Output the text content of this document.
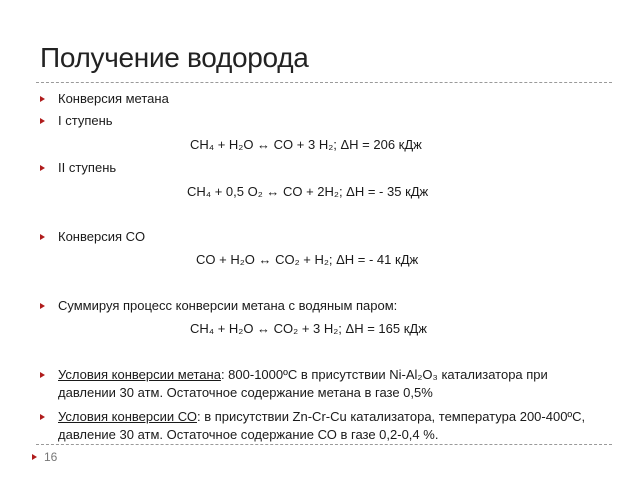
Получение водорода
Конверсия метана
I ступень
CH₄ + H₂O ↔ CO + 3 H₂; ΔH = 206 кДж
II ступень
CH₄ + 0,5 O₂ ↔ CO + 2H₂; ΔH = - 35 кДж
Конверсия CO
CO + H₂O ↔ CO₂ + H₂; ΔH = - 41 кДж
Суммируя процесс конверсии метана с водяным паром:
CH₄ + H₂O ↔ CO₂ + 3 H₂; ΔH = 165 кДж
Условия конверсии метана: 800-1000ºС в присутствии Ni-Al₂O₃ катализатора при давлении 30 атм. Остаточное содержание метана в газе 0,5%
Условия конверсии СО: в присутствии Zn-Cr-Cu катализатора, температура 200-400ºС, давление 30 атм. Остаточное содержание СО в газе 0,2-0,4 %.
16
